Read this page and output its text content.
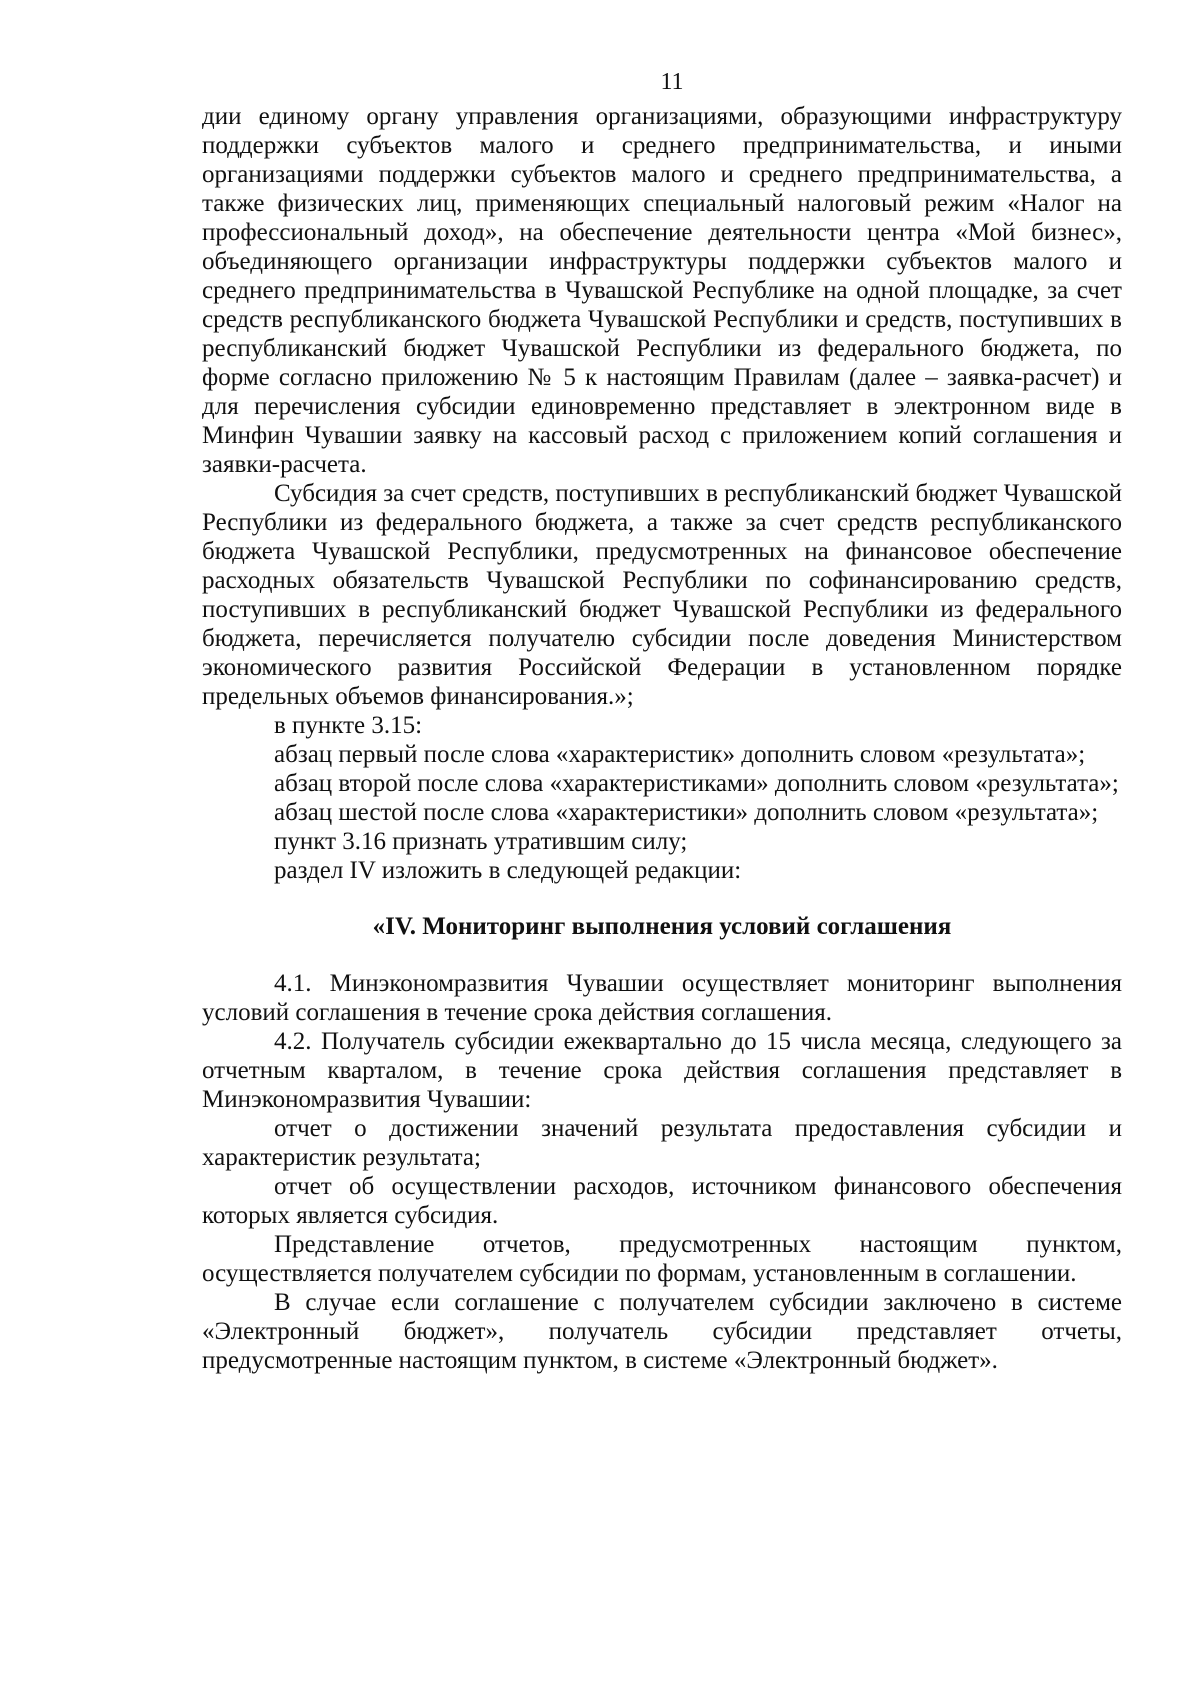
11

дии единому органу управления организациями, образующими инфраструктуру поддержки субъектов малого и среднего предпринимательства, и иными организациями поддержки субъектов малого и среднего предпринимательства, а также физических лиц, применяющих специальный налоговый режим «Налог на профессиональный доход», на обеспечение деятельности центра «Мой бизнес», объединяющего организации инфраструктуры поддержки субъектов малого и среднего предпринимательства в Чувашской Республике на одной площадке, за счет средств республиканского бюджета Чувашской Республики и средств, поступивших в республиканский бюджет Чувашской Республики из федерального бюджета, по форме согласно приложению № 5 к настоящим Правилам (далее – заявка-расчет) и для перечисления субсидии единовременно представляет в электронном виде в Минфин Чувашии заявку на кассовый расход с приложением копий соглашения и заявки-расчета.

Субсидия за счет средств, поступивших в республиканский бюджет Чувашской Республики из федерального бюджета, а также за счет средств республиканского бюджета Чувашской Республики, предусмотренных на финансовое обеспечение расходных обязательств Чувашской Республики по софинансированию средств, поступивших в республиканский бюджет Чувашской Республики из федерального бюджета, перечисляется получателю субсидии после доведения Министерством экономического развития Российской Федерации в установленном порядке предельных объемов финансирования.»;

в пункте 3.15:

абзац первый после слова «характеристик» дополнить словом «результата»;

абзац второй после слова «характеристиками» дополнить словом «результата»;

абзац шестой после слова «характеристики» дополнить словом «результата»;

пункт 3.16 признать утратившим силу;

раздел IV изложить в следующей редакции:

«IV. Мониторинг выполнения условий соглашения

4.1. Минэкономразвития Чувашии осуществляет мониторинг выполнения условий соглашения в течение срока действия соглашения.

4.2. Получатель субсидии ежеквартально до 15 числа месяца, следующего за отчетным кварталом, в течение срока действия соглашения представляет в Минэкономразвития Чувашии:

отчет о достижении значений результата предоставления субсидии и характеристик результата;

отчет об осуществлении расходов, источником финансового обеспечения которых является субсидия.

Представление отчетов, предусмотренных настоящим пунктом, осуществляется получателем субсидии по формам, установленным в соглашении.

В случае если соглашение с получателем субсидии заключено в системе «Электронный бюджет», получатель субсидии представляет отчеты, предусмотренные настоящим пунктом, в системе «Электронный бюджет».
